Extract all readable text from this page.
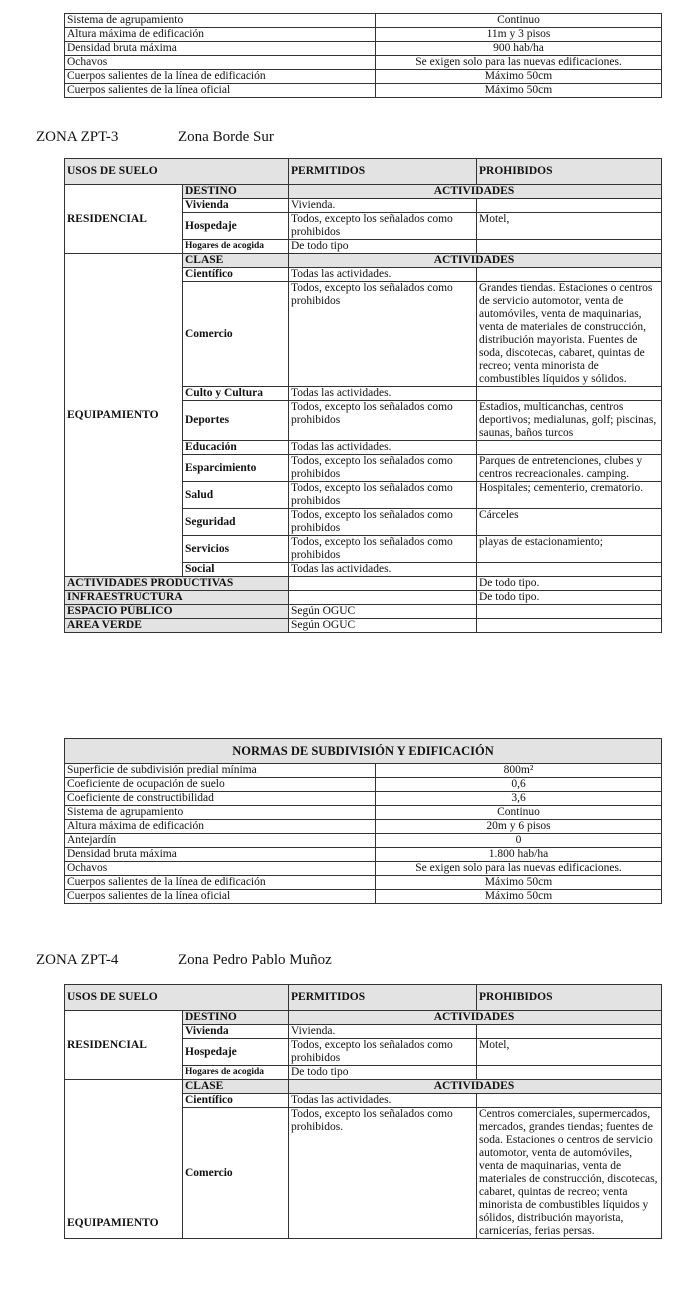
Sistema de agrupamiento	Continuo
Altura máxima de edificación	11m y 3 pisos
Densidad bruta máxima	900 hab/ha
Ochavos	Se exigen solo para las nuevas edificaciones.
Cuerpos salientes de la línea de edificación	Máximo 50cm
Cuerpos salientes de la línea oficial	Máximo 50cm
ZONA ZPT-3	Zona Borde Sur
USOS DE SUELO		PERMITIDOS	PROHIBIDOS
RESIDENCIAL	DESTINO	ACTIVIDADES	
	Vivienda	Vivienda.	
	Hospedaje	Todos, excepto los señalados como prohibidos	Motel,
	Hogares de acogida	De todo tipo	
EQUIPAMIENTO	CLASE	ACTIVIDADES	
	Científico	Todas las actividades.	
	Comercio	Todos, excepto los señalados como prohibidos	Grandes tiendas. Estaciones o centros de servicio automotor, venta de automóviles, venta de maquinarias, venta de materiales de construcción, distribución mayorista. Fuentes de soda, discotecas, cabaret, quintas de recreo; venta minorista de combustibles líquidos y sólidos.
	Culto y Cultura	Todas las actividades.	
	Deportes	Todos, excepto los señalados como prohibidos	Estadios, multicanchas, centros deportivos; medialunas, golf; piscinas, saunas, baños turcos
	Educación	Todas las actividades.	
	Esparcimiento	Todos, excepto los señalados como prohibidos	Parques de entretenciones, clubes y centros recreacionales. camping.
	Salud	Todos, excepto los señalados como prohibidos	Hospitales; cementerio, crematorio.
	Seguridad	Todos, excepto los señalados como prohibidos	Cárceles
	Servicios	Todos, excepto los señalados como prohibidos	playas de estacionamiento;
	Social	Todas las actividades.	
ACTIVIDADES PRODUCTIVAS			De todo tipo.
INFRAESTRUCTURA			De todo tipo.
ESPACIO PÚBLICO		Según OGUC	
AREA VERDE		Según OGUC	
NORMAS DE SUBDIVISIÓN Y EDIFICACIÓN	
Superficie de subdivisión predial mínima	800m²
Coeficiente de ocupación de suelo	0,6
Coeficiente de constructibilidad	3,6
Sistema de agrupamiento	Continuo
Altura máxima de edificación	20m y 6 pisos
Antejardín	0
Densidad bruta máxima	1.800 hab/ha
Ochavos	Se exigen solo para las nuevas edificaciones.
Cuerpos salientes de la línea de edificación	Máximo 50cm
Cuerpos salientes de la línea oficial	Máximo 50cm
ZONA ZPT-4	Zona Pedro Pablo Muñoz
USOS DE SUELO		PERMITIDOS	PROHIBIDOS
RESIDENCIAL	DESTINO	ACTIVIDADES	
	Vivienda	Vivienda.	
	Hospedaje	Todos, excepto los señalados como prohibidos	Motel,
	Hogares de acogida	De todo tipo	
EQUIPAMIENTO	CLASE	ACTIVIDADES	
	Científico	Todas las actividades.	
	Comercio	Todos, excepto los señalados como prohibidos.	Centros comerciales, supermercados, mercados, grandes tiendas; fuentes de soda. Estaciones o centros de servicio automotor, venta de automóviles, venta de maquinarias, venta de materiales de construcción, discotecas, cabaret, quintas de recreo; venta minorista de combustibles líquidos y sólidos, distribución mayorista, carnicerías, ferias persas.
